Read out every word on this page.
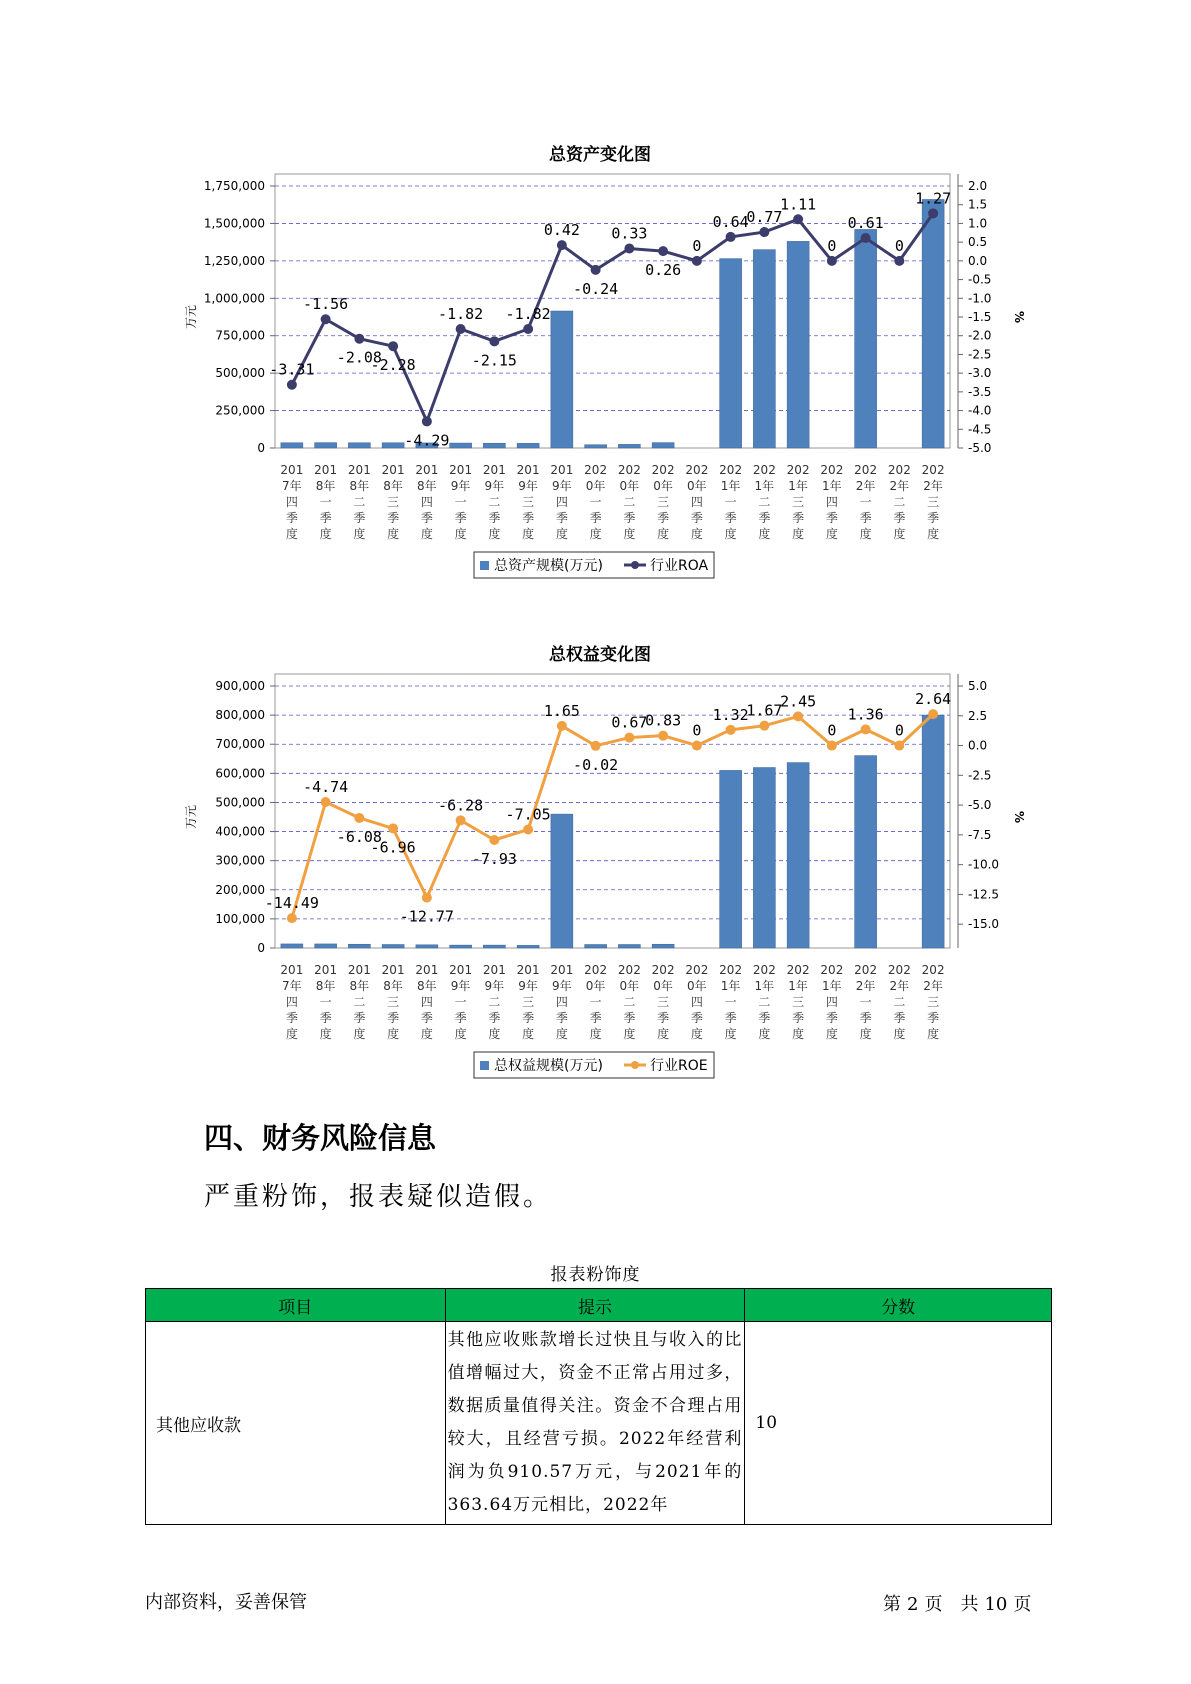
总资产变化图
0
250,000
500,000
750,000
1,000,000
1,250,000
1,500,000
1,750,000
-5.0
-4.5
-4.0
-3.5
-3.0
-2.5
-2.0
-1.5
-1.0
-0.5
0.0
0.5
1.0
1.5
2.0
万元	%
-3.31
-1.56
-2.08
-2.28
-4.29
-1.82
-2.15
-1.82
0.42
-0.24
0.33
0.26
0
0.64
0.77
1.11
0
0.61
0
1.27
201 7年四季度
201 8年一季度
201 8年二季度
201 8年三季度
201 8年四季度
201 9年一季度
201 9年二季度
201 9年三季度
201 9年四季度
202 0年一季度
202 0年二季度
202 0年三季度
202 0年四季度
202 1年一季度
202 1年二季度
202 1年三季度
202 1年四季度
202 2年一季度
202 2年二季度
202 2年三季度
总资产规模(万元)	行业ROA
总权益变化图
0
100,000
200,000
300,000
400,000
500,000
600,000
700,000
800,000
900,000
-15.0
-12.5
-10.0
-7.5
-5.0
-2.5
0.0
2.5
5.0
万元	%
-14.49
-4.74
-6.08
-6.96
-12.77
-6.28
-7.93
-7.05
1.65
-0.02
0.67
0.83
0
1.32
1.67
2.45
0
1.36
0
2.64
201 7年四季度
201 8年一季度
201 8年二季度
201 8年三季度
201 8年四季度
201 9年一季度
201 9年二季度
201 9年三季度
201 9年四季度
202 0年一季度
202 0年二季度
202 0年三季度
202 0年四季度
202 1年一季度
202 1年二季度
202 1年三季度
202 1年四季度
202 2年一季度
202 2年二季度
202 2年三季度
总权益规模(万元)	行业ROE
四、财务风险信息
严重粉饰，报表疑似造假。
报表粉饰度
项目	提示	分数
其他应收款	其他应收账款增长过快且与收入的比值增幅过大，资金不正常占用过多，数据质量值得关注。资金不合理占用较大，且经营亏损。2022年经营利润为负910.57万元，与2021年的363.64万元相比，2022年	10
内部资料，妥善保管	第 2 页　共 10 页
